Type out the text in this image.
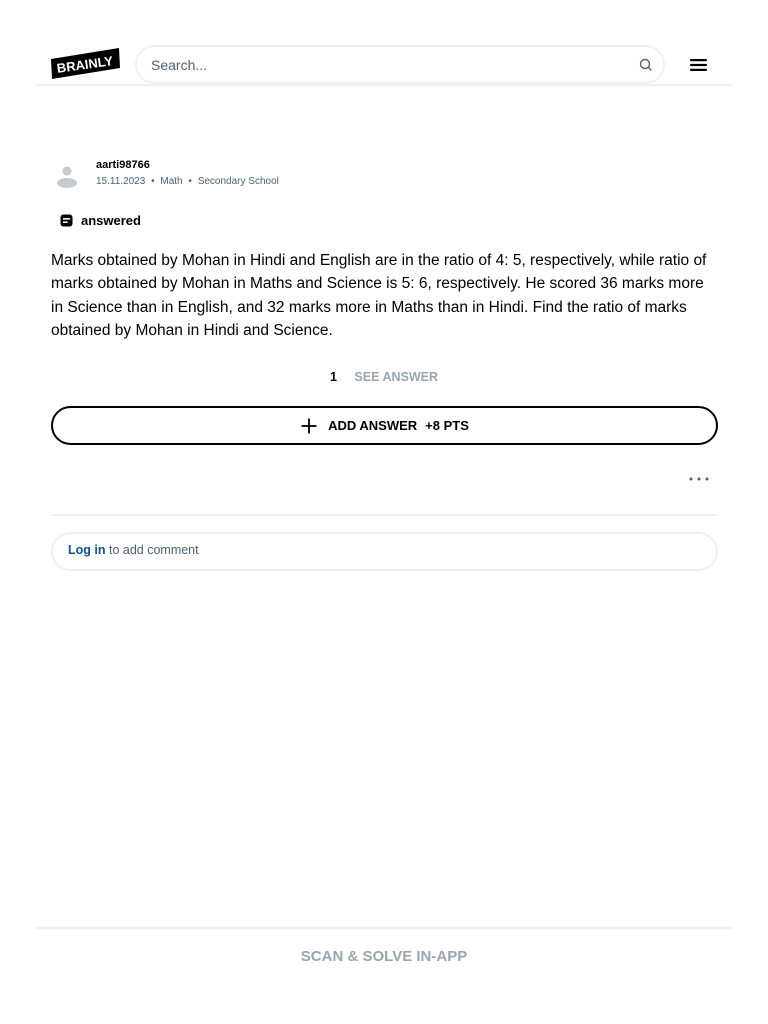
BRAINLY
Search...
aarti98766
15.11.2023 • Math • Secondary School
answered
Marks obtained by Mohan in Hindi and English are in the ratio of 4: 5, respectively, while ratio of marks obtained by Mohan in Maths and Science is 5: 6, respectively. He scored 36 marks more in Science than in English, and 32 marks more in Maths than in Hindi. Find the ratio of marks obtained by Mohan in Hindi and Science.
1 SEE ANSWER
ADD ANSWER +8 PTS
Log in to add comment
SCAN & SOLVE IN-APP
